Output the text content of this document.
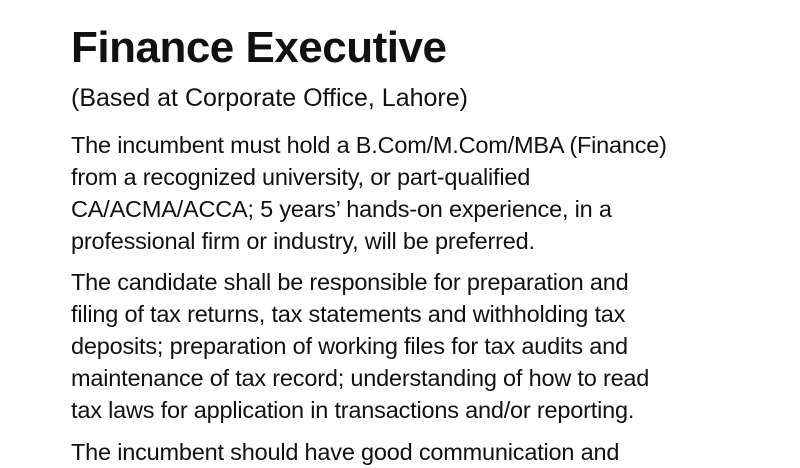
Finance Executive

(Based at Corporate Office, Lahore)

The incumbent must hold a B.Com/M.Com/MBA (Finance)
from a recognized university, or part-qualified
CA/ACMA/ACCA; 5 years’ hands-on experience, in a
professional firm or industry, will be preferred.

The candidate shall be responsible for preparation and
filing of tax returns, tax statements and withholding tax
deposits; preparation of working files for tax audits and
maintenance of tax record; understanding of how to read
tax laws for application in transactions and/or reporting.

The incumbent should have good communication and
